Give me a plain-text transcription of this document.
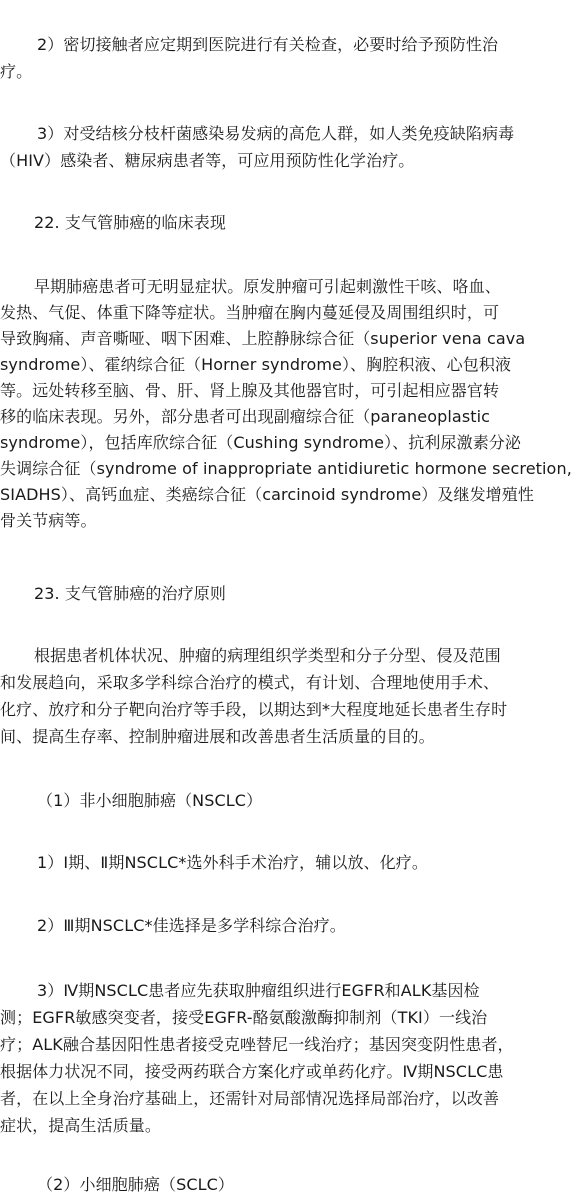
2）密切接触者应定期到医院进行有关检查，必要时给予预防性治
疗。
3）对受结核分枝杆菌感染易发病的高危人群，如人类免疫缺陷病毒
（HIV）感染者、糖尿病患者等，可应用预防性化学治疗。
22. 支气管肺癌的临床表现
早期肺癌患者可无明显症状。原发肿瘤可引起刺激性干咳、咯血、
发热、气促、体重下降等症状。当肿瘤在胸内蔓延侵及周围组织时，可
导致胸痛、声音嘶哑、咽下困难、上腔静脉综合征（superior vena cava
syndrome）、霍纳综合征（Horner syndrome）、胸腔积液、心包积液
等。远处转移至脑、骨、肝、肾上腺及其他器官时，可引起相应器官转
移的临床表现。另外，部分患者可出现副瘤综合征（paraneoplastic
syndrome），包括库欣综合征（Cushing syndrome）、抗利尿激素分泌
失调综合征（syndrome of inappropriate antidiuretic hormone secretion,
SIADHS）、高钙血症、类癌综合征（carcinoid syndrome）及继发增殖性
骨关节病等。
23. 支气管肺癌的治疗原则
根据患者机体状况、肿瘤的病理组织学类型和分子分型、侵及范围
和发展趋向，采取多学科综合治疗的模式，有计划、合理地使用手术、
化疗、放疗和分子靶向治疗等手段，以期达到*大程度地延长患者生存时
间、提高生存率、控制肿瘤进展和改善患者生活质量的目的。
（1）非小细胞肺癌（NSCLC）
1）Ⅰ期、Ⅱ期NSCLC*选外科手术治疗，辅以放、化疗。
2）Ⅲ期NSCLC*佳选择是多学科综合治疗。
3）Ⅳ期NSCLC患者应先获取肿瘤组织进行EGFR和ALK基因检
测；EGFR敏感突变者，接受EGFR-酪氨酸激酶抑制剂（TKI）一线治
疗；ALK融合基因阳性患者接受克唑替尼一线治疗；基因突变阴性患者，
根据体力状况不同，接受两药联合方案化疗或单药化疗。Ⅳ期NSCLC患
者，在以上全身治疗基础上，还需针对局部情况选择局部治疗，以改善
症状，提高生活质量。
（2）小细胞肺癌（SCLC）
